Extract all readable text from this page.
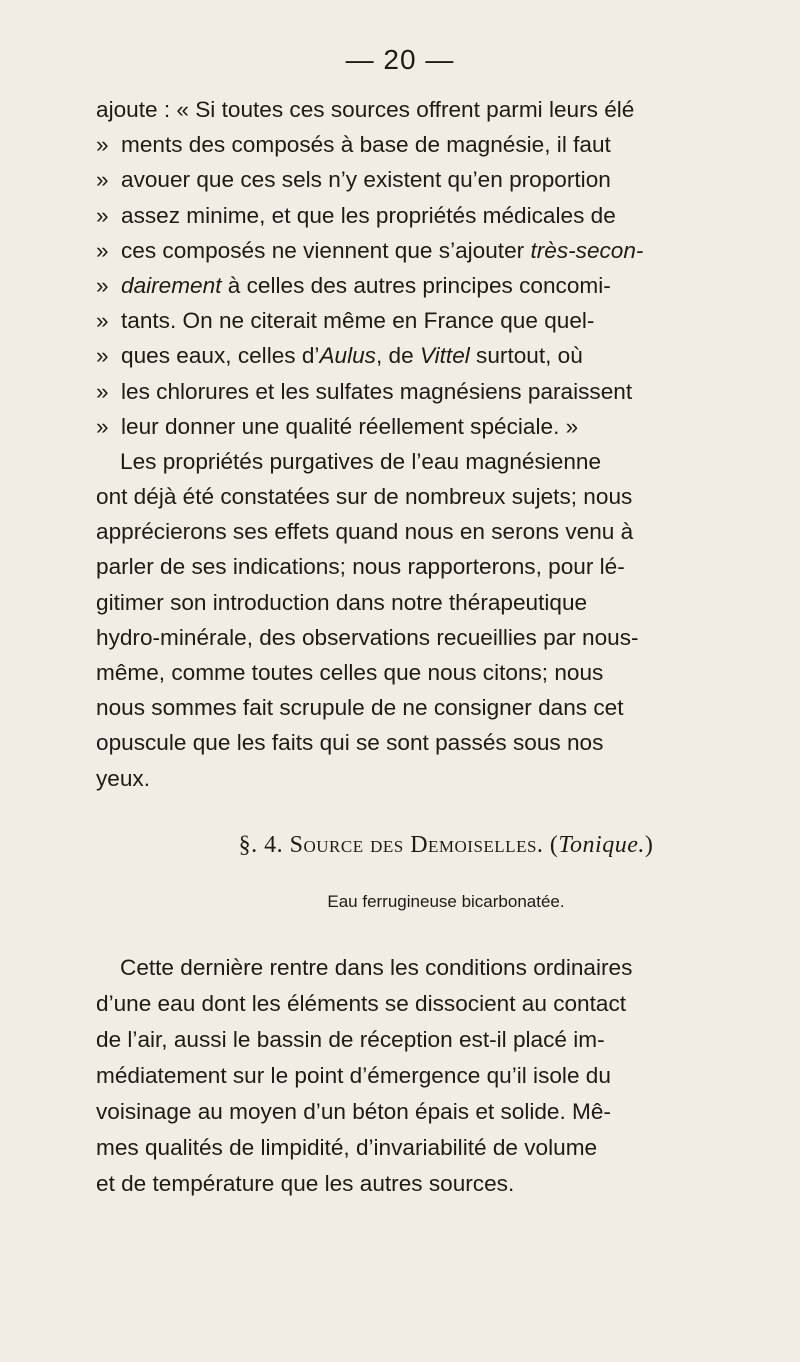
— 20 —
ajoute : « Si toutes ces sources offrent parmi leurs élé
» ments des composés à base de magnésie, il faut
» avouer que ces sels n’y existent qu’en proportion
» assez minime, et que les propriétés médicales de
» ces composés ne viennent que s’ajouter très-secon-
» dairement à celles des autres principes concomi-
» tants. On ne citerait même en France que quel-
» ques eaux, celles d’Aulus, de Vittel surtout, où
» les chlorures et les sulfates magnésiens paraissent
» leur donner une qualité réellement spéciale. »
Les propriétés purgatives de l’eau magnésienne
ont déjà été constatées sur de nombreux sujets; nous
apprécierons ses effets quand nous en serons venu à
parler de ses indications; nous rapporterons, pour lé-
gitimer son introduction dans notre thérapeutique
hydro-minérale, des observations recueillies par nous-
même, comme toutes celles que nous citons; nous
nous sommes fait scrupule de ne consigner dans cet
opuscule que les faits qui se sont passés sous nos
yeux.
§. 4. Source des Demoiselles. (Tonique.)
Eau ferrugineuse bicarbonatée.
Cette dernière rentre dans les conditions ordinaires
d’une eau dont les éléments se dissocient au contact
de l’air, aussi le bassin de réception est-il placé im-
médiatement sur le point d’émergence qu’il isole du
voisinage au moyen d’un béton épais et solide. Mê-
mes qualités de limpidité, d’invariabilité de volume
et de température que les autres sources.
